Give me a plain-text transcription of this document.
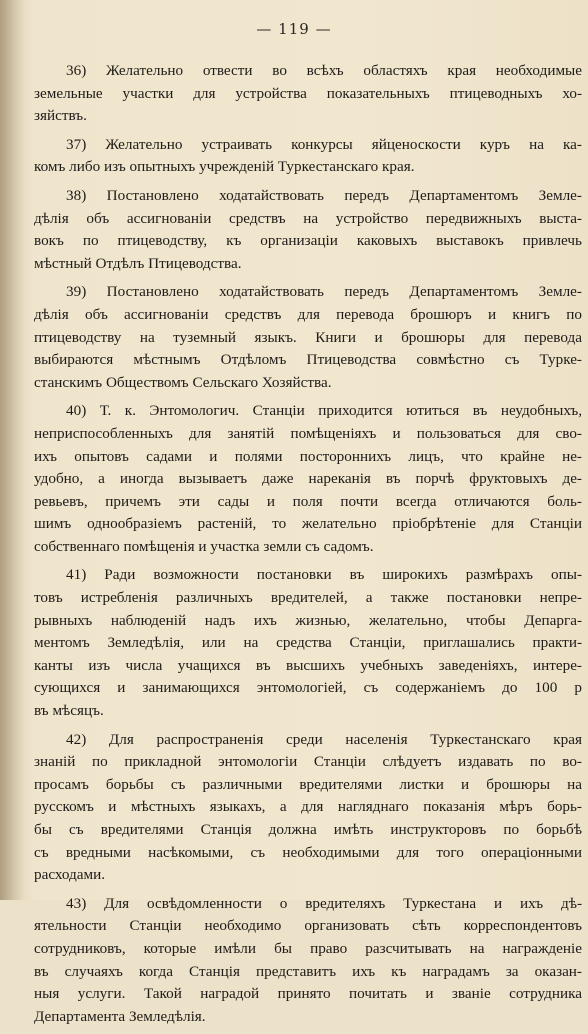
— 119 —
36) Желательно отвести во всѣхъ областяхъ края необходимые
земельные участки для устройства показательныхъ птицеводныхъ хо-
зяйствъ.
37) Желательно устраивать конкурсы яйценоскости куръ на ка-
комъ либо изъ опытныхъ учрежденій Туркестанскаго края.
38) Постановлено ходатайствовать передъ Департаментомъ Земле-
дѣлія объ ассигнованіи средствъ на устройство передвижныхъ выста-
вокъ по птицеводству, къ организаціи каковыхъ выставокъ привлечь
мѣстный Отдѣлъ Птицеводства.
39) Постановлено ходатайствовать передъ Департаментомъ Земле-
дѣлія объ ассигнованіи средствъ для перевода брошюръ и книгъ по
птицеводству на туземный языкъ. Книги и брошюры для перевода
выбираются мѣстнымъ Отдѣломъ Птицеводства совмѣстно съ Турке-
станскимъ Обществомъ Сельскаго Хозяйства.
40) Т. к. Энтомологич. Станціи приходится ютиться въ неудобныхъ,
неприспособленныхъ для занятій помѣщеніяхъ и пользоваться для сво-
ихъ опытовъ садами и полями постороннихъ лицъ, что крайне не-
удобно, а иногда вызываетъ даже нареканія въ порчѣ фруктовыхъ де-
ревьевъ, причемъ эти сады и поля почти всегда отличаются боль-
шимъ однообразіемъ растеній, то желательно пріобрѣтеніе для Станціи
собственнаго помѣщенія и участка земли съ садомъ.
41) Ради возможности постановки въ широкихъ размѣрахъ опы-
товъ истребленія различныхъ вредителей, а также постановки непре-
рывныхъ наблюденій надъ ихъ жизнью, желательно, чтобы Депарга-
ментомъ Земледѣлія, или на средства Станціи, приглашались практи-
канты изъ числа учащихся въ высшихъ учебныхъ заведеніяхъ, интере-
сующихся и занимающихся энтомологіей, съ содержаніемъ до 100 р
въ мѣсяцъ.
42) Для распространенія среди населенія Туркестанскаго края
знаній по прикладной энтомологіи Станціи слѣдуетъ издавать по во-
просамъ борьбы съ различными вредителями листки и брошюры на
русскомъ и мѣстныхъ языкахъ, а для нагляднаго показанія мѣръ борь-
бы съ вредителями Станція должна имѣть инструкторовъ по борьбѣ
съ вредными насѣкомыми, съ необходимыми для того операціонными
расходами.
43) Для освѣдомленности о вредителяхъ Туркестана и ихъ дѣ-
ятельности Станціи необходимо организовать сѣть корреспондентовъ
сотрудниковъ, которые имѣли бы право разсчитывать на награжденіе
въ случаяхъ когда Станція представитъ ихъ къ наградамъ за оказан-
ныя услуги. Такой наградой принято почитать и званіе сотрудника
Департамента Земледѣлія.
